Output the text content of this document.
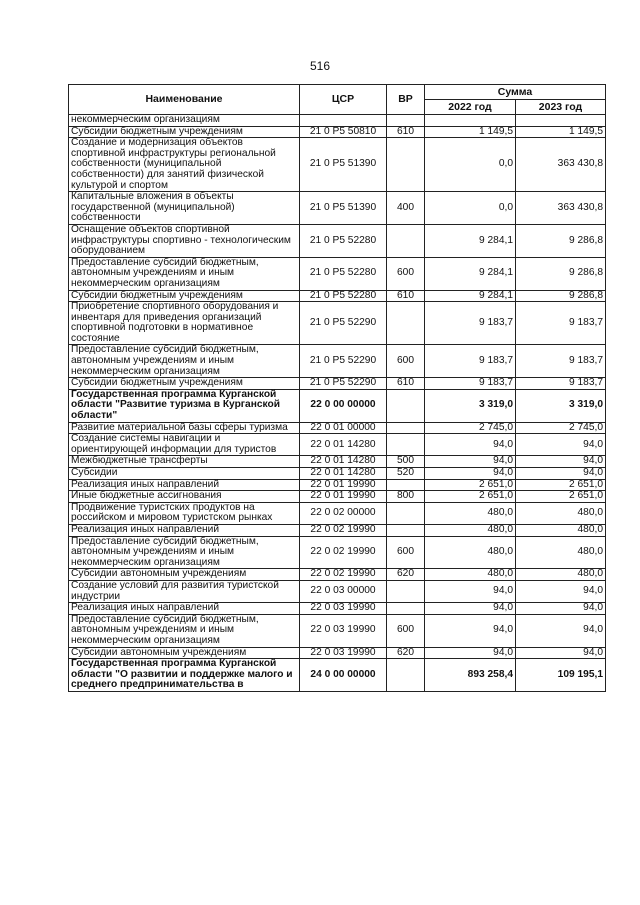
516
Наименование	ЦСР	ВР	Сумма	
			2022 год	2023 год
некоммерческим организациям				
Субсидии бюджетным учреждениям	21 0 P5 50810	610	1 149,5	1 149,5
Создание и модернизация объектов спортивной инфраструктуры региональной собственности (муниципальной собственности) для занятий физической культурой и спортом	21 0 P5 51390		0,0	363 430,8
Капитальные вложения в объекты государственной (муниципальной) собственности	21 0 P5 51390	400	0,0	363 430,8
Оснащение объектов спортивной инфраструктуры спортивно - технологическим оборудованием	21 0 P5 52280		9 284,1	9 286,8
Предоставление субсидий бюджетным, автономным учреждениям и иным некоммерческим организациям	21 0 P5 52280	600	9 284,1	9 286,8
Субсидии бюджетным учреждениям	21 0 P5 52280	610	9 284,1	9 286,8
Приобретение спортивного оборудования и инвентаря для приведения организаций спортивной подготовки в нормативное состояние	21 0 P5 52290		9 183,7	9 183,7
Предоставление субсидий бюджетным, автономным учреждениям и иным некоммерческим организациям	21 0 P5 52290	600	9 183,7	9 183,7
Субсидии бюджетным учреждениям	21 0 P5 52290	610	9 183,7	9 183,7
Государственная программа Курганской области "Развитие туризма в Курганской области"	22 0 00 00000		3 319,0	3 319,0
Развитие материальной базы сферы туризма	22 0 01 00000		2 745,0	2 745,0
Создание системы навигации и ориентирующей информации для туристов	22 0 01 14280		94,0	94,0
Межбюджетные трансферты	22 0 01 14280	500	94,0	94,0
Субсидии	22 0 01 14280	520	94,0	94,0
Реализация иных направлений	22 0 01 19990		2 651,0	2 651,0
Иные бюджетные ассигнования	22 0 01 19990	800	2 651,0	2 651,0
Продвижение туристских продуктов на российском и мировом туристском рынках	22 0 02 00000		480,0	480,0
Реализация иных направлений	22 0 02 19990		480,0	480,0
Предоставление субсидий бюджетным, автономным учреждениям и иным некоммерческим организациям	22 0 02 19990	600	480,0	480,0
Субсидии автономным учреждениям	22 0 02 19990	620	480,0	480,0
Создание условий для развития туристской индустрии	22 0 03 00000		94,0	94,0
Реализация иных направлений	22 0 03 19990		94,0	94,0
Предоставление субсидий бюджетным, автономным учреждениям и иным некоммерческим организациям	22 0 03 19990	600	94,0	94,0
Субсидии автономным учреждениям	22 0 03 19990	620	94,0	94,0
Государственная программа Курганской области "О развитии и поддержке малого и среднего предпринимательства в	24 0 00 00000		893 258,4	109 195,1
